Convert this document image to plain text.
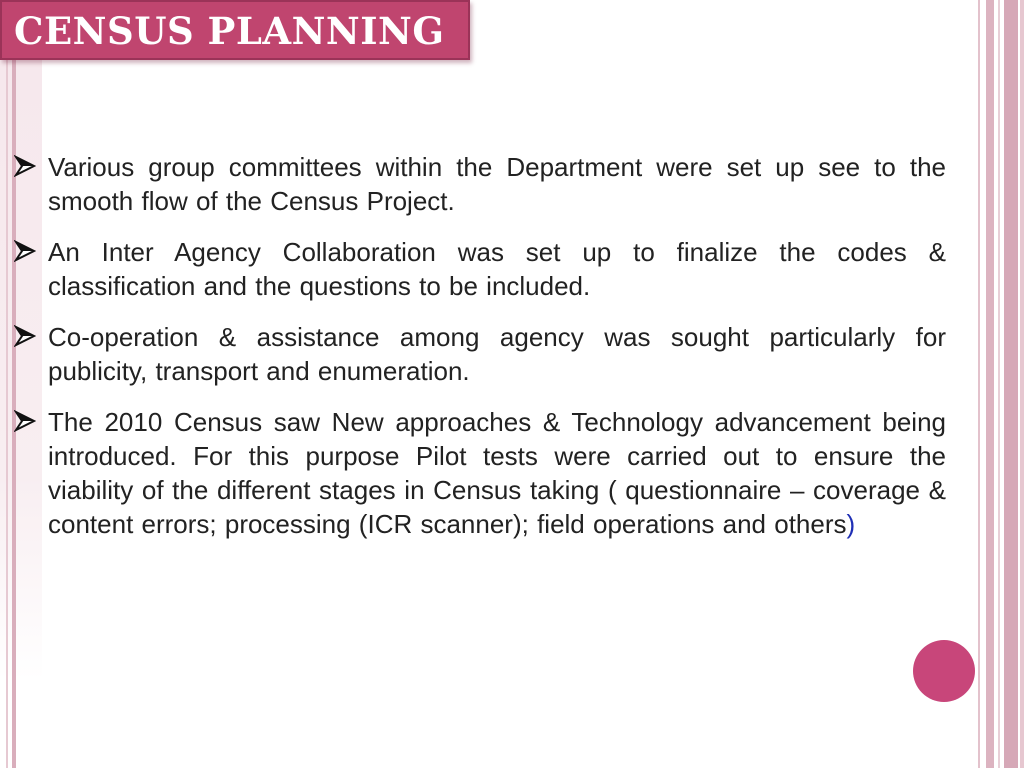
CENSUS PLANNING
Various group committees within the Department were set up see to the smooth flow of the Census Project.
An Inter Agency Collaboration was set up to finalize the codes & classification and the questions to be included.
Co-operation & assistance among agency was sought particularly for publicity, transport and enumeration.
The 2010 Census saw New approaches & Technology advancement being introduced. For this purpose Pilot tests were carried out to ensure the viability of the different stages in Census taking ( questionnaire – coverage & content errors; processing (ICR scanner); field operations and others)
